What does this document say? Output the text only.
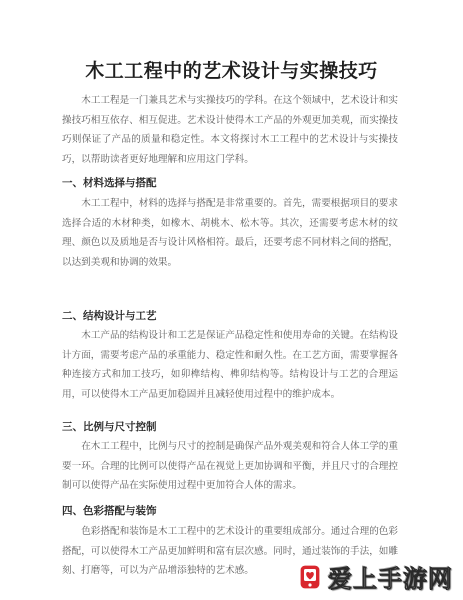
木工工程中的艺术设计与实操技巧

木工工程是一门兼具艺术与实操技巧的学科。在这个领域中，艺术设计和实操技巧相互依存、相互促进。艺术设计使得木工产品的外观更加美观，而实操技巧则保证了产品的质量和稳定性。本文将探讨木工工程中的艺术设计与实操技巧，以帮助读者更好地理解和应用这门学科。

一、材料选择与搭配

木工工程中，材料的选择与搭配是非常重要的。首先，需要根据项目的要求选择合适的木材种类，如橡木、胡桃木、松木等。其次，还需要考虑木材的纹理、颜色以及质地是否与设计风格相符。最后，还要考虑不同材料之间的搭配，以达到美观和协调的效果。

二、结构设计与工艺

木工产品的结构设计和工艺是保证产品稳定性和使用寿命的关键。在结构设计方面，需要考虑产品的承重能力、稳定性和耐久性。在工艺方面，需要掌握各种连接方式和加工技巧，如卯榫结构、榫卯结构等。结构设计与工艺的合理运用，可以使得木工产品更加稳固并且减轻使用过程中的维护成本。

三、比例与尺寸控制

在木工工程中，比例与尺寸的控制是确保产品外观美观和符合人体工学的重要一环。合理的比例可以使得产品在视觉上更加协调和平衡，并且尺寸的合理控制可以使得产品在实际使用过程中更加符合人体的需求。

四、色彩搭配与装饰

色彩搭配和装饰是木工工程中的艺术设计的重要组成部分。通过合理的色彩搭配，可以使得木工产品更加鲜明和富有层次感。同时，通过装饰的手法，如雕刻、打磨等，可以为产品增添独特的艺术感。	爱上手游网
